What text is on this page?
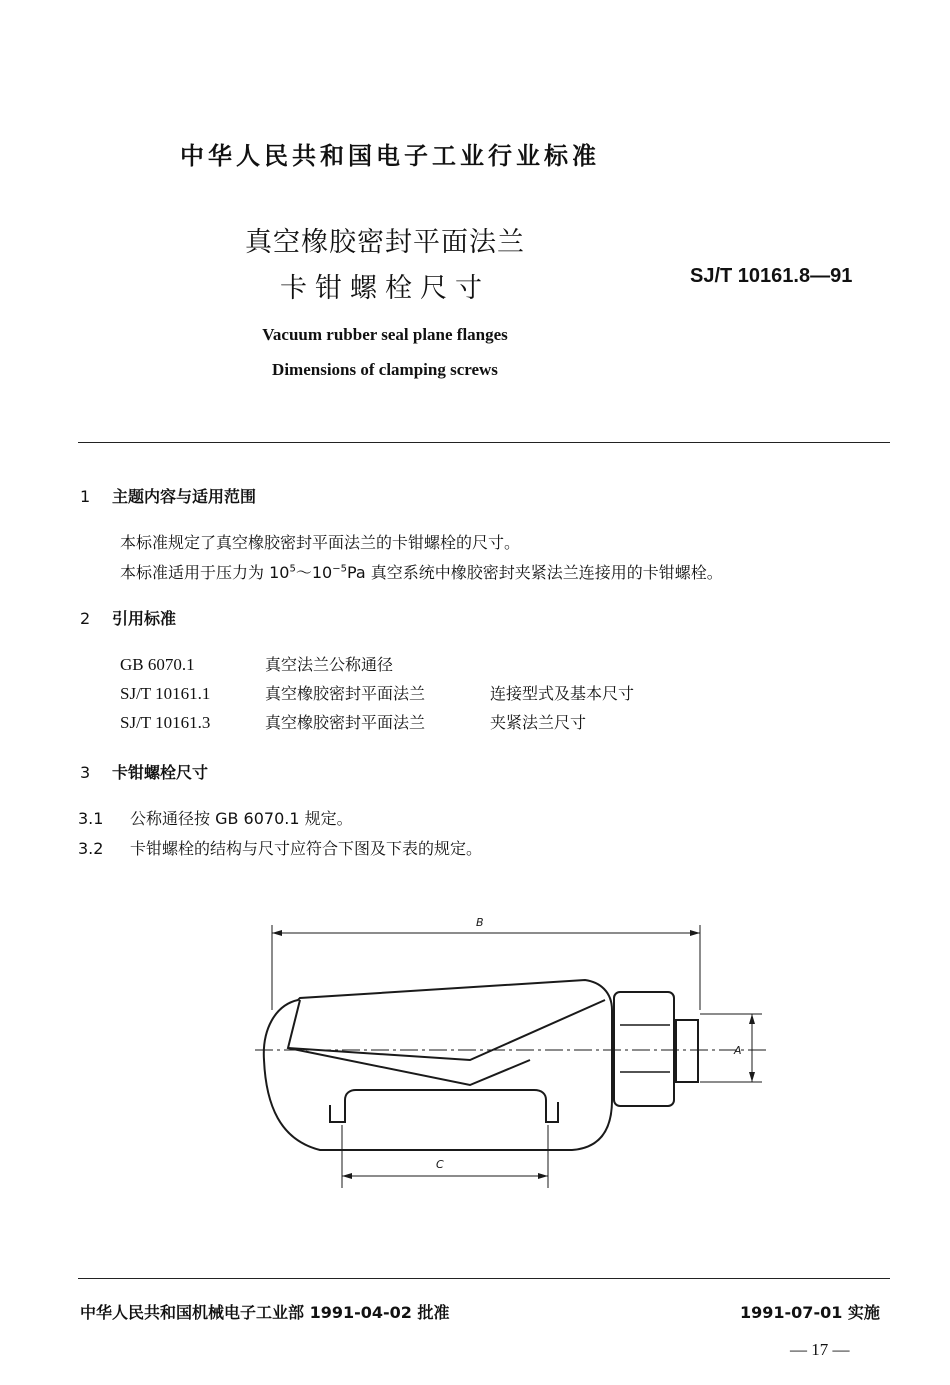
中华人民共和国电子工业行业标准
真空橡胶密封平面法兰
卡钳螺栓尺寸	SJ/T 10161.8—91
Vacuum rubber seal plane flanges
Dimensions of clamping screws
1 主题内容与适用范围
本标准规定了真空橡胶密封平面法兰的卡钳螺栓的尺寸。
本标准适用于压力为 $10^5\sim 10^{-5}Pa$ 真空系统中橡胶密封夹紧法兰连接用的卡钳螺栓。
2 引用标准
GB 6070.1	真空法兰公称通径
SJ/T 10161.1	真空橡胶密封平面法兰	连接型式及基本尺寸
SJ/T 10161.3	真空橡胶密封平面法兰	夹紧法兰尺寸
3 卡钳螺栓尺寸
3.1 公称通径按 GB 6070.1 规定。
3.2 卡钳螺栓的结构与尺寸应符合下图及下表的规定。
B
A
C
中华人民共和国机械电子工业部 1991-04-02 批准	1991-07-01 实施
— 17 —
